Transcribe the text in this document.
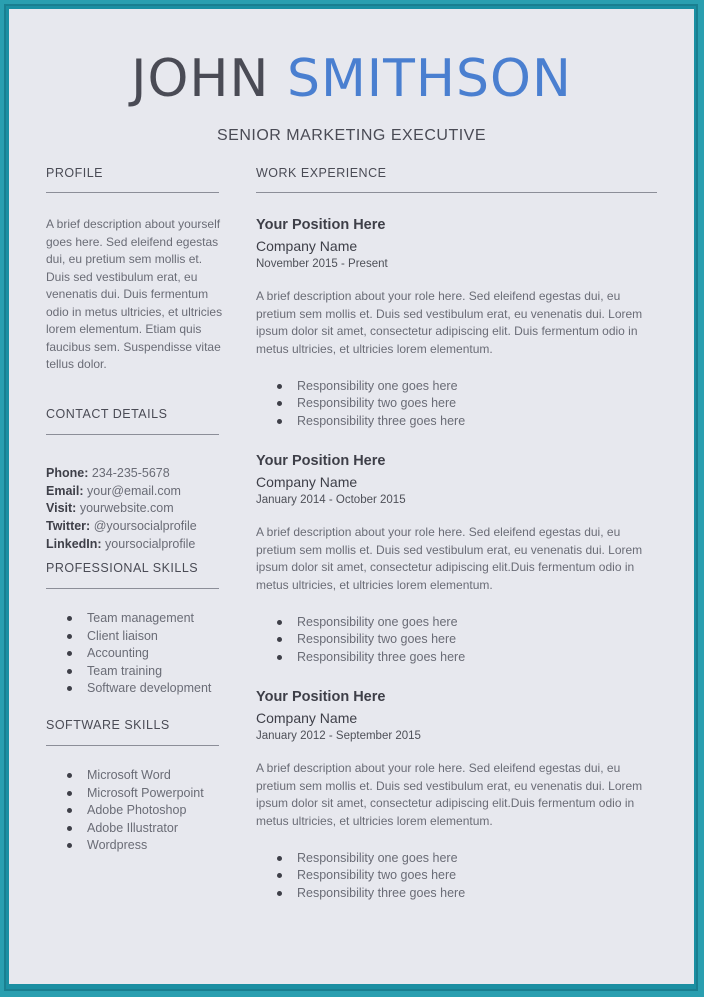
JOHN SMITHSON
SENIOR MARKETING EXECUTIVE
PROFILE
A brief description about yourself goes here. Sed eleifend egestas dui, eu pretium sem mollis et. Duis sed vestibulum erat, eu venenatis dui. Duis fermentum odio in metus ultricies, et ultricies lorem elementum. Etiam quis faucibus sem. Suspendisse vitae tellus dolor.
CONTACT DETAILS
Phone: 234-235-5678
Email: your@email.com
Visit: yourwebsite.com
Twitter: @yoursocialprofile
LinkedIn: yoursocialprofile
PROFESSIONAL SKILLS
Team management
Client liaison
Accounting
Team training
Software development
SOFTWARE SKILLS
Microsoft Word
Microsoft Powerpoint
Adobe Photoshop
Adobe Illustrator
Wordpress
WORK EXPERIENCE
Your Position Here
Company Name
November 2015 - Present
A brief description about your role here. Sed eleifend egestas dui, eu pretium sem mollis et. Duis sed vestibulum erat, eu venenatis dui. Lorem ipsum dolor sit amet, consectetur adipiscing elit. Duis fermentum odio in metus ultricies, et ultricies lorem elementum.
Responsibility one goes here
Responsibility two goes here
Responsibility three goes here
Your Position Here
Company Name
January 2014 - October 2015
A brief description about your role here. Sed eleifend egestas dui, eu pretium sem mollis et. Duis sed vestibulum erat, eu venenatis dui. Lorem ipsum dolor sit amet, consectetur adipiscing elit.Duis fermentum odio in metus ultricies, et ultricies lorem elementum.
Responsibility one goes here
Responsibility two goes here
Responsibility three goes here
Your Position Here
Company Name
January 2012 - September 2015
A brief description about your role here. Sed eleifend egestas dui, eu pretium sem mollis et. Duis sed vestibulum erat, eu venenatis dui. Lorem ipsum dolor sit amet, consectetur adipiscing elit.Duis fermentum odio in metus ultricies, et ultricies lorem elementum.
Responsibility one goes here
Responsibility two goes here
Responsibility three goes here
